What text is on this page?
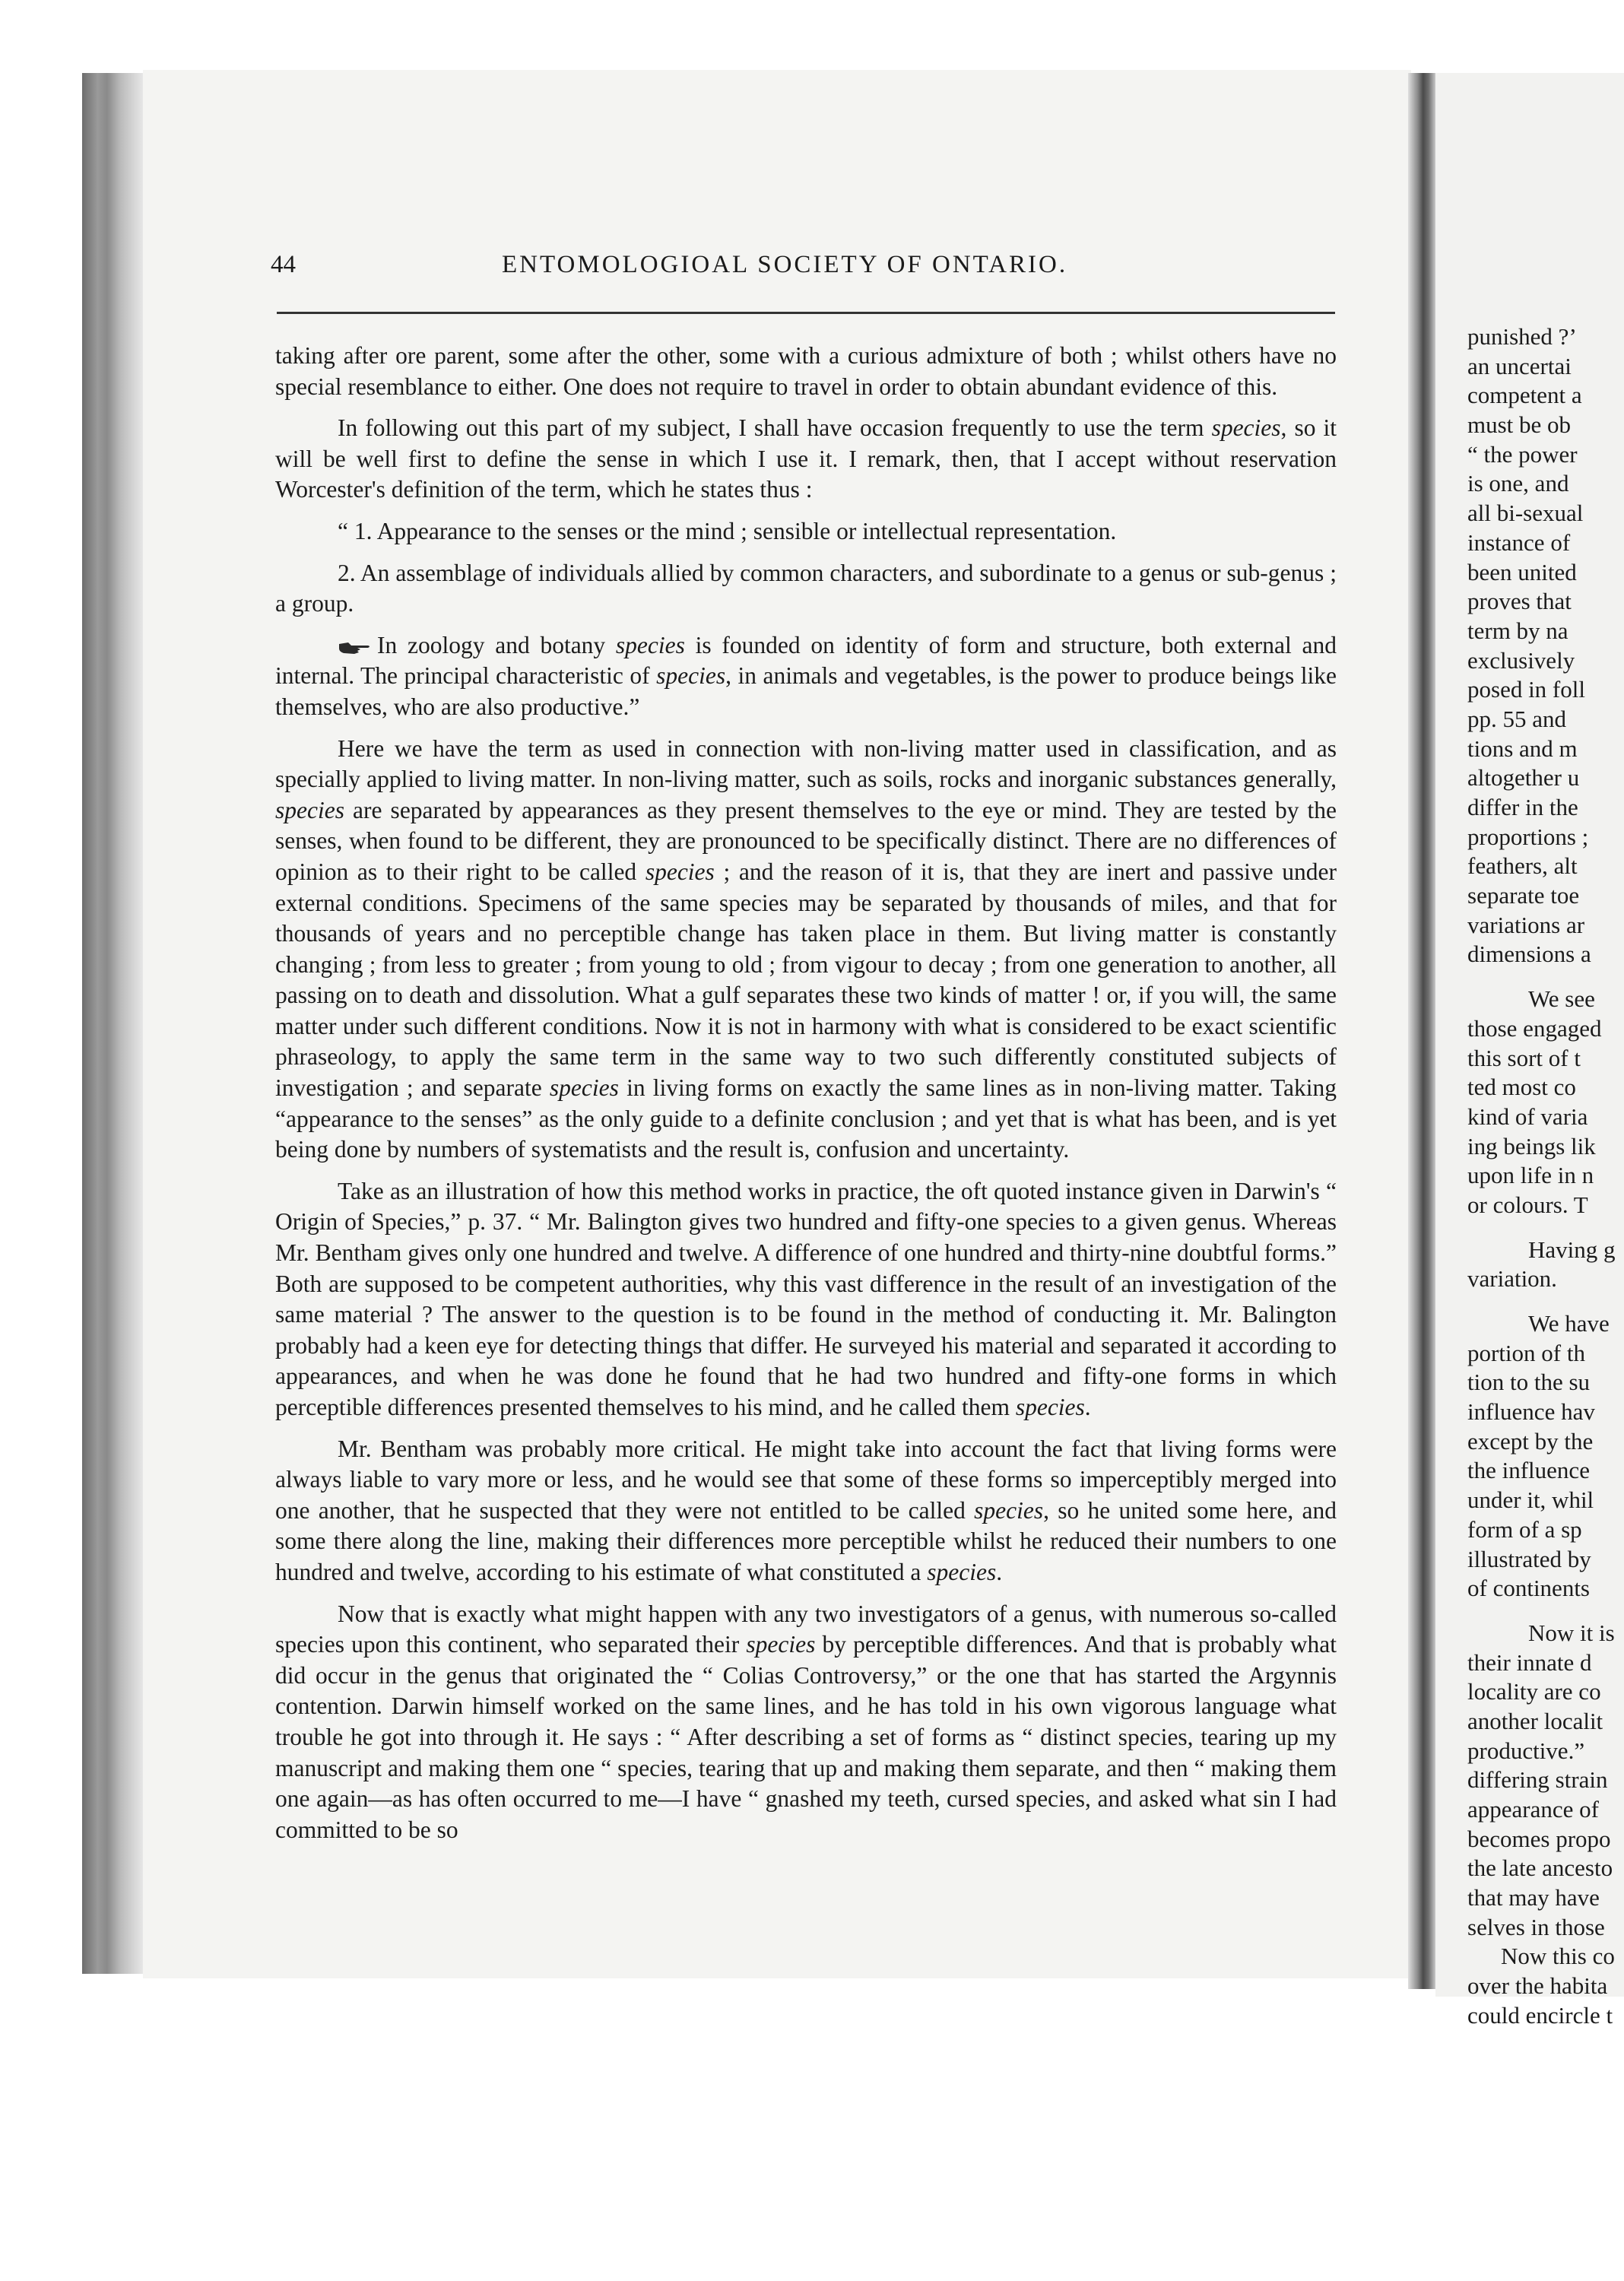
44	ENTOMOLOGIOAL SOCIETY OF ONTARIO.

taking after ore parent, some after the other, some with a curious admixture of both ; whilst others have no special resemblance to either. One does not require to travel in order to obtain abundant evidence of this.

In following out this part of my subject, I shall have occasion frequently to use the term species, so it will be well first to define the sense in which I use it. I remark, then, that I accept without reservation Worcester's definition of the term, which he states thus :

“ 1. Appearance to the senses or the mind ; sensible or intellectual representation.

2. An assemblage of individuals allied by common characters, and subordinate to a genus or sub-genus ; a group.

In zoology and botany species is founded on identity of form and structure, both external and internal. The principal characteristic of species, in animals and vegetables, is the power to produce beings like themselves, who are also productive.”

Here we have the term as used in connection with non-living matter used in classification, and as specially applied to living matter. In non-living matter, such as soils, rocks and inorganic substances generally, species are separated by appearances as they present themselves to the eye or mind. They are tested by the senses, when found to be different, they are pronounced to be specifically distinct. There are no differences of opinion as to their right to be called species ; and the reason of it is, that they are inert and passive under external conditions. Specimens of the same species may be separated by thousands of miles, and that for thousands of years and no perceptible change has taken place in them. But living matter is constantly changing ; from less to greater ; from young to old ; from vigour to decay ; from one generation to another, all passing on to death and dissolution. What a gulf separates these two kinds of matter ! or, if you will, the same matter under such different conditions. Now it is not in harmony with what is considered to be exact scientific phraseology, to apply the same term in the same way to two such differently constituted subjects of investigation ; and separate species in living forms on exactly the same lines as in non-living matter. Taking “appearance to the senses” as the only guide to a definite conclusion ; and yet that is what has been, and is yet being done by numbers of systematists and the result is, confusion and uncertainty.

Take as an illustration of how this method works in practice, the oft quoted instance given in Darwin's “ Origin of Species,” p. 37. “ Mr. Balington gives two hundred and fifty-one species to a given genus. Whereas Mr. Bentham gives only one hundred and twelve. A difference of one hundred and thirty-nine doubtful forms.” Both are supposed to be competent authorities, why this vast difference in the result of an investigation of the same material ? The answer to the question is to be found in the method of conducting it. Mr. Balington probably had a keen eye for detecting things that differ. He surveyed his material and separated it according to appearances, and when he was done he found that he had two hundred and fifty-one forms in which perceptible differences presented themselves to his mind, and he called them species.

Mr. Bentham was probably more critical. He might take into account the fact that living forms were always liable to vary more or less, and he would see that some of these forms so imperceptibly merged into one another, that he suspected that they were not entitled to be called species, so he united some here, and some there along the line, making their differences more perceptible whilst he reduced their numbers to one hundred and twelve, according to his estimate of what constituted a species.

Now that is exactly what might happen with any two investigators of a genus, with numerous so-called species upon this continent, who separated their species by perceptible differences. And that is probably what did occur in the genus that originated the “ Colias Controversy,” or the one that has started the Argynnis contention. Darwin himself worked on the same lines, and he has told in his own vigorous language what trouble he got into through it. He says : “ After describing a set of forms as “ distinct species, tearing up my manuscript and making them one “ species, tearing that up and making them separate, and then “ making them one again—as has often occurred to me—I have “ gnashed my teeth, cursed species, and asked what sin I had committed to be so

punished ?’
an uncertai
competent a
must be ob
“ the power
is one, and
all bi-sexual
instance of
been united
proves that
term by na
exclusively
posed in foll
pp. 55 and
tions and m
altogether u
differ in the
proportions ;
feathers, alt
separate toe
variations ar
dimensions a
We see
those engaged
this sort of t
ted most co
kind of varia
ing beings lik
upon life in n
or colours. T
Having g
variation.
We have
portion of th
tion to the su
influence hav
except by the
the influence
under it, whil
form of a sp
illustrated by
of continents
Now it is
their innate d
locality are co
another localit
productive.”
differing strain
appearance of
becomes propo
the late ancesto
that may have
selves in those
Now this co
over the habita
could encircle t
